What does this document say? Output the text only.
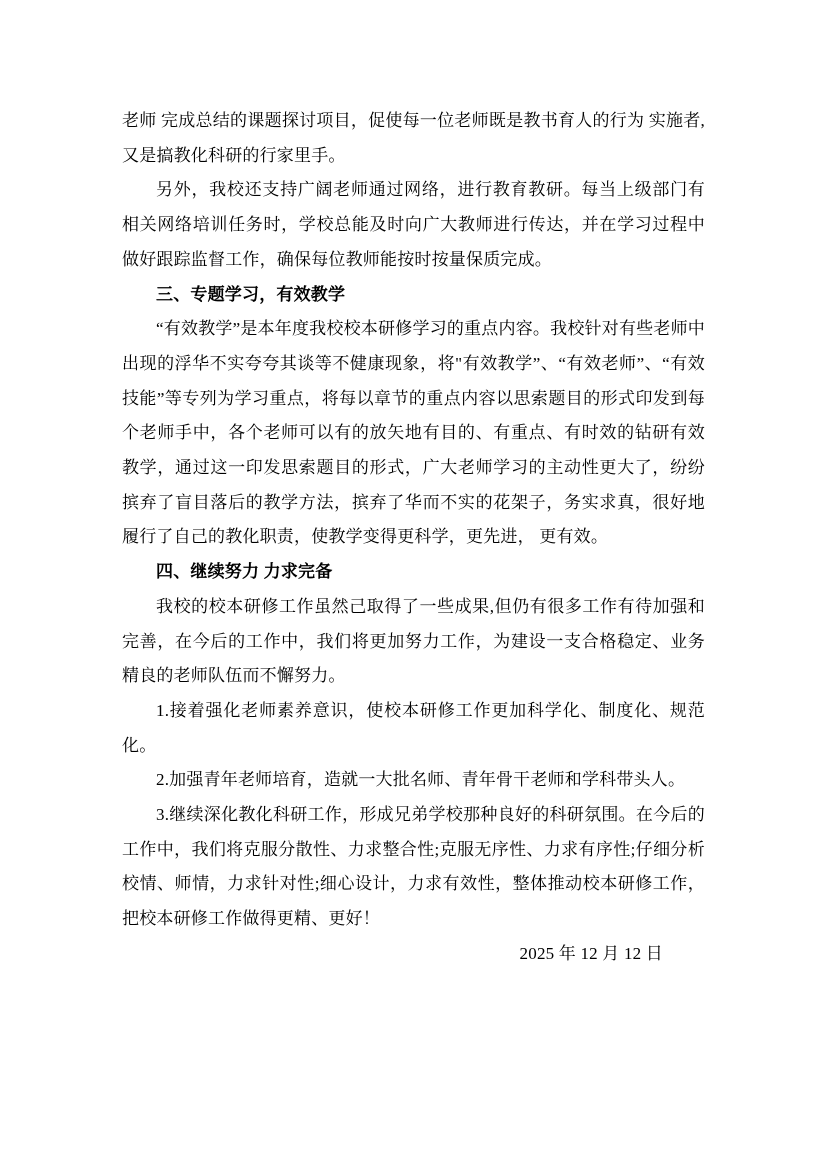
老师 完成总结的课题探讨项目，促使每一位老师既是教书育人的行为 实施者,又是搞教化科研的行家里手。

另外，我校还支持广阔老师通过网络，进行教育教研。每当上级部门有相关网络培训任务时，学校总能及时向广大教师进行传达，并在学习过程中做好跟踪监督工作，确保每位教师能按时按量保质完成。

三、专题学习，有效教学

“有效教学”是本年度我校校本研修学习的重点内容。我校针对有些老师中出现的浮华不实夸夸其谈等不健康现象，将"有效教学”、“有效老师”、“有效技能”等专列为学习重点，将每以章节的重点内容以思索题目的形式印发到每个老师手中，各个老师可以有的放矢地有目的、有重点、有时效的钻研有效教学，通过这一印发思索题目的形式，广大老师学习的主动性更大了，纷纷摈弃了盲目落后的教学方法，摈弃了华而不实的花架子，务实求真，很好地履行了自己的教化职责，使教学变得更科学，更先进， 更有效。

四、继续努力 力求完备

我校的校本研修工作虽然己取得了一些成果,但仍有很多工作有待加强和完善，在今后的工作中，我们将更加努力工作，为建设一支合格稳定、业务精良的老师队伍而不懈努力。

1.接着强化老师素养意识，使校本研修工作更加科学化、制度化、规范化。

2.加强青年老师培育，造就一大批名师、青年骨干老师和学科带头人。

3.继续深化教化科研工作，形成兄弟学校那种良好的科研氛围。在今后的工作中，我们将克服分散性、力求整合性;克服无序性、力求有序性;仔细分析校情、师情，力求针对性;细心设计，力求有效性，整体推动校本研修工作，把校本研修工作做得更精、更好！

2025 年 12 月 12 日
